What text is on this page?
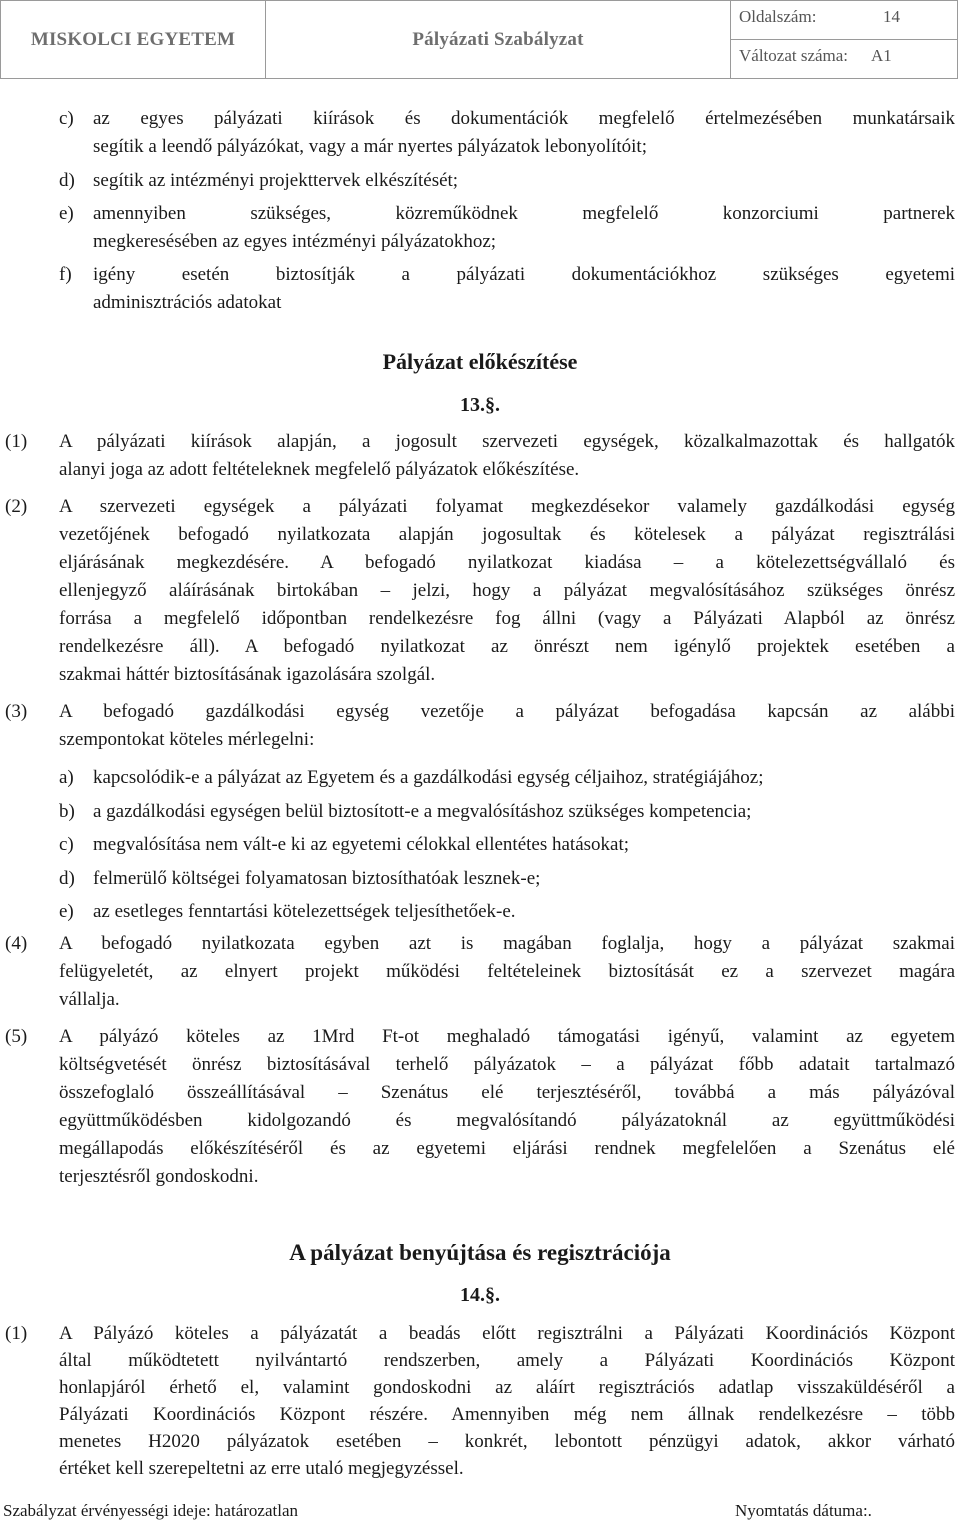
MISKOLCI EGYETEM	Pályázati Szabályzat
Oldalszám:	14
Változat száma: A1
c) az egyes pályázati kiírások és dokumentációk megfelelő értelmezésében munkatársaik
segítik a leendő pályázókat, vagy a már nyertes pályázatok lebonyolítóit;
d) segítik az intézményi projekttervek elkészítését;
e) amennyiben szükséges, közreműködnek megfelelő konzorciumi partnerek
megkeresésében az egyes intézményi pályázatokhoz;
f) igény esetén biztosítják a pályázati dokumentációkhoz szükséges egyetemi
adminisztrációs adatokat
Pályázat előkészítése
13.§.
(1) A pályázati kiírások alapján, a jogosult szervezeti egységek, közalkalmazottak és hallgatók
alanyi joga az adott feltételeknek megfelelő pályázatok előkészítése.
(2) A szervezeti egységek a pályázati folyamat megkezdésekor valamely gazdálkodási egység
vezetőjének befogadó nyilatkozata alapján jogosultak és kötelesek a pályázat regisztrálási
eljárásának megkezdésére. A befogadó nyilatkozat kiadása – a kötelezettségvállaló és
ellenjegyző aláírásának birtokában – jelzi, hogy a pályázat megvalósításához szükséges önrész
forrása a megfelelő időpontban rendelkezésre fog állni (vagy a Pályázati Alapból az önrész
rendelkezésre áll). A befogadó nyilatkozat az önrészt nem igénylő projektek esetében a
szakmai háttér biztosításának igazolására szolgál.
(3) A befogadó gazdálkodási egység vezetője a pályázat befogadása kapcsán az alábbi
szempontokat köteles mérlegelni:
a) kapcsolódik-e a pályázat az Egyetem és a gazdálkodási egység céljaihoz, stratégiájához;
b) a gazdálkodási egységen belül biztosított-e a megvalósításhoz szükséges kompetencia;
c) megvalósítása nem vált-e ki az egyetemi célokkal ellentétes hatásokat;
d) felmerülő költségei folyamatosan biztosíthatóak lesznek-e;
e) az esetleges fenntartási kötelezettségek teljesíthetőek-e.
(4) A befogadó nyilatkozata egyben azt is magában foglalja, hogy a pályázat szakmai
felügyeletét, az elnyert projekt működési feltételeinek biztosítását ez a szervezet magára
vállalja.
(5) A pályázó köteles az 1Mrd Ft-ot meghaladó támogatási igényű, valamint az egyetem
költségvetését önrész biztosításával terhelő pályázatok – a pályázat főbb adatait tartalmazó
összefoglaló összeállításával – Szenátus elé terjesztéséről, továbbá a más pályázóval
együttműködésben kidolgozandó és megvalósítandó pályázatoknál az együttműködési
megállapodás előkészítéséről és az egyetemi eljárási rendnek megfelelően a Szenátus elé
terjesztésről gondoskodni.
A pályázat benyújtása és regisztrációja
14.§.
(1) A Pályázó köteles a pályázatát a beadás előtt regisztrálni a Pályázati Koordinációs Központ
által működtetett nyilvántartó rendszerben, amely a Pályázati Koordinációs Központ
honlapjáról érhető el, valamint gondoskodni az aláírt regisztrációs adatlap visszaküldéséről a
Pályázati Koordinációs Központ részére. Amennyiben még nem állnak rendelkezésre – több
menetes H2020 pályázatok esetében – konkrét, lebontott pénzügyi adatok, akkor várható
értéket kell szerepeltetni az erre utaló megjegyzéssel.
Szabályzat érvényességi ideje: határozatlan	Nyomtatás dátuma:.
